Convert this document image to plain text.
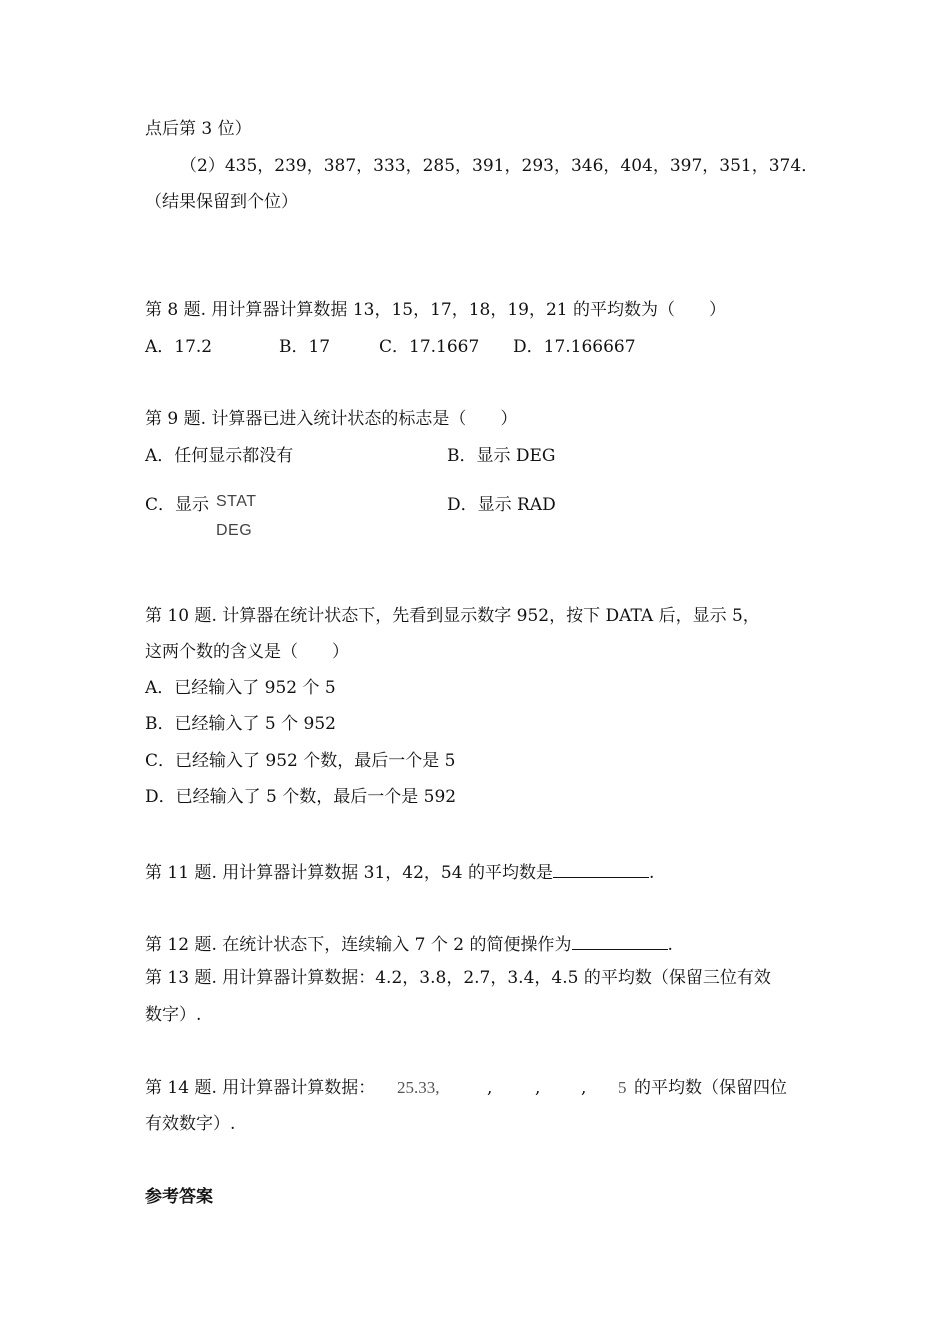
点后第 3 位）
（2）435，239，387，333，285，391，293，346，404，397，351，374．
（结果保留到个位）
第 8 题. 用计算器计算数据 13，15，17，18，19，21 的平均数为（　　）
A．17.2	B．17	C．17.1667 D．17.166667
第 9 题. 计算器已进入统计状态的标志是（　　）
A．任何显示都没有	B．显示 DEG
C．显示 STAT
DEG
D．显示 RAD
第 10 题. 计算器在统计状态下，先看到显示数字 952，按下 DATA 后，显示 5，
这两个数的含义是（　　）
A．已经输入了 952 个 5
B．已经输入了 5 个 952
C．已经输入了 952 个数，最后一个是 5
D．已经输入了 5 个数，最后一个是 592
第 11 题. 用计算器计算数据 31，42，54 的平均数是	.
第 12 题. 在统计状态下，连续输入 7 个 2 的简便操作为	.
第 13 题. 用计算器计算数据：4.2，3.8，2.7，3.4，4.5 的平均数（保留三位有效
数字）.
第 14 题. 用计算器计算数据： 25.33,	,	, , 5 的平均数（保留四位
有效数字）.
参考答案
